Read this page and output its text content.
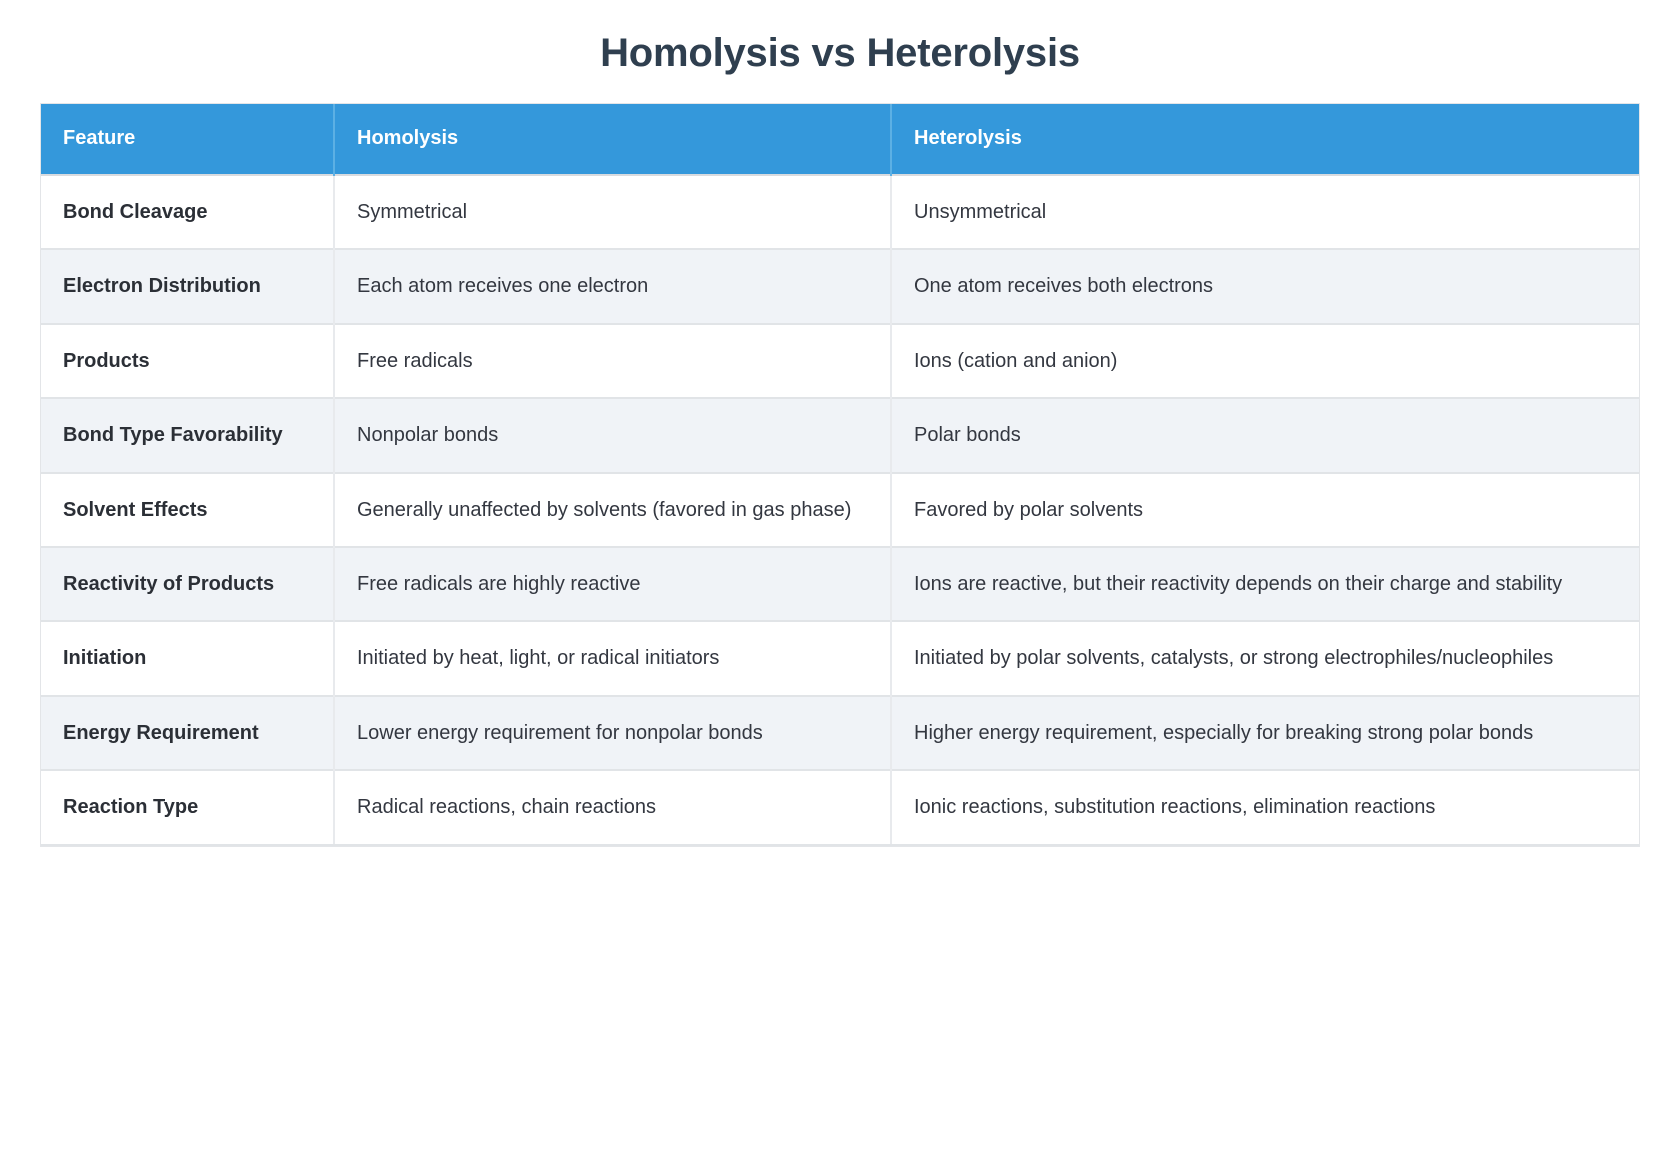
Homolysis vs Heterolysis
Feature	Homolysis	Heterolysis
Bond Cleavage	Symmetrical	Unsymmetrical
Electron Distribution	Each atom receives one electron	One atom receives both electrons
Products	Free radicals	Ions (cation and anion)
Bond Type Favorability	Nonpolar bonds	Polar bonds
Solvent Effects	Generally unaffected by solvents (favored in gas phase)	Favored by polar solvents
Reactivity of Products	Free radicals are highly reactive	Ions are reactive, but their reactivity depends on their charge and stability
Initiation	Initiated by heat, light, or radical initiators	Initiated by polar solvents, catalysts, or strong electrophiles/nucleophiles
Energy Requirement	Lower energy requirement for nonpolar bonds	Higher energy requirement, especially for breaking strong polar bonds
Reaction Type	Radical reactions, chain reactions	Ionic reactions, substitution reactions, elimination reactions
